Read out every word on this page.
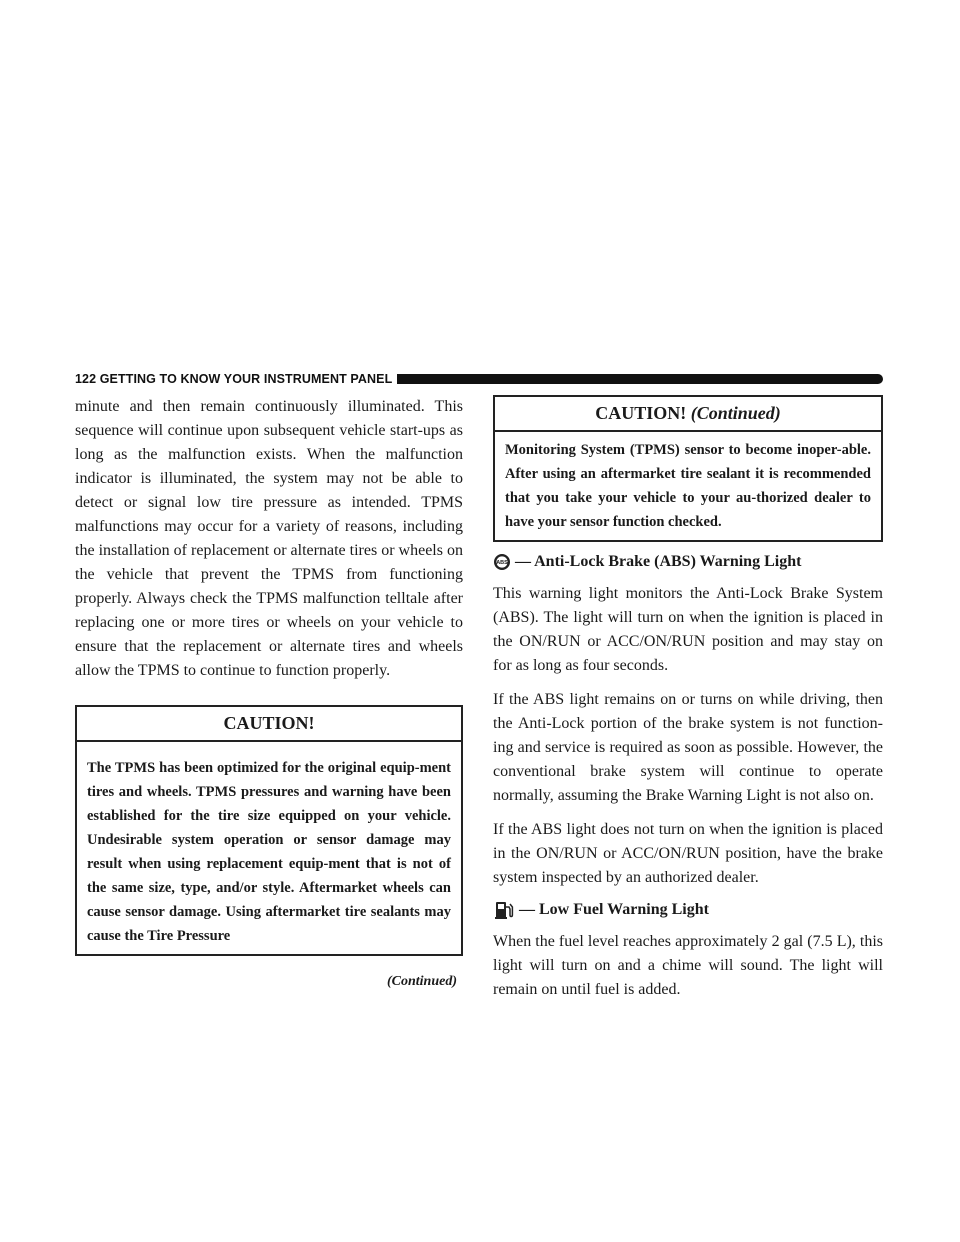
122 GETTING TO KNOW YOUR INSTRUMENT PANEL

minute and then remain continuously illuminated. This sequence will continue upon subsequent vehicle start-ups as long as the malfunction exists. When the malfunction indicator is illuminated, the system may not be able to detect or signal low tire pressure as intended. TPMS malfunctions may occur for a variety of reasons, including the installation of replacement or alternate tires or wheels on the vehicle that prevent the TPMS from functioning properly. Always check the TPMS malfunction telltale after replacing one or more tires or wheels on your vehicle to ensure that the replacement or alternate tires and wheels allow the TPMS to continue to function properly.

CAUTION!
The TPMS has been optimized for the original equip-ment tires and wheels. TPMS pressures and warning have been established for the tire size equipped on your vehicle. Undesirable system operation or sensor damage may result when using replacement equip-ment that is not of the same size, type, and/or style. Aftermarket wheels can cause sensor damage. Using aftermarket tire sealants may cause the Tire Pressure
(Continued)
CAUTION! (Continued)
Monitoring System (TPMS) sensor to become inoper-able. After using an aftermarket tire sealant it is recommended that you take your vehicle to your au-thorized dealer to have your sensor function checked.
ABS — Anti-Lock Brake (ABS) Warning Light

This warning light monitors the Anti-Lock Brake System (ABS). The light will turn on when the ignition is placed in the ON/RUN or ACC/ON/RUN position and may stay on for as long as four seconds.

If the ABS light remains on or turns on while driving, then the Anti-Lock portion of the brake system is not function-ing and service is required as soon as possible. However, the conventional brake system will continue to operate normally, assuming the Brake Warning Light is not also on.

If the ABS light does not turn on when the ignition is placed in the ON/RUN or ACC/ON/RUN position, have the brake system inspected by an authorized dealer.

— Low Fuel Warning Light

When the fuel level reaches approximately 2 gal (7.5 L), this light will turn on and a chime will sound. The light will remain on until fuel is added.
